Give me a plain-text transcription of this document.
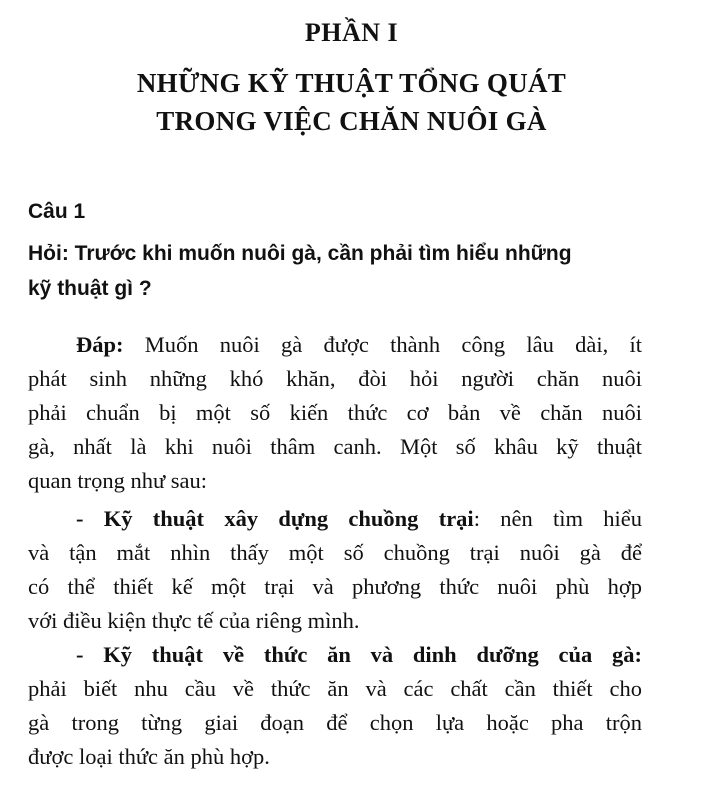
PHẦN I
NHỮNG KỸ THUẬT TỔNG QUÁT
TRONG VIỆC CHĂN NUÔI GÀ
Câu 1
Hỏi: Trước khi muốn nuôi gà, cần phải tìm hiểu những
kỹ thuật gì ?
Đáp: Muốn nuôi gà được thành công lâu dài, ít
phát sinh những khó khăn, đòi hỏi người chăn nuôi
phải chuẩn bị một số kiến thức cơ bản về chăn nuôi
gà, nhất là khi nuôi thâm canh. Một số khâu kỹ thuật
quan trọng như sau:
- Kỹ thuật xây dựng chuồng trại: nên tìm hiểu
và tận mắt nhìn thấy một số chuồng trại nuôi gà để
có thể thiết kế một trại và phương thức nuôi phù hợp
với điều kiện thực tế của riêng mình.
- Kỹ thuật về thức ăn và dinh dưỡng của gà:
phải biết nhu cầu về thức ăn và các chất cần thiết cho
gà trong từng giai đoạn để chọn lựa hoặc pha trộn
được loại thức ăn phù hợp.
